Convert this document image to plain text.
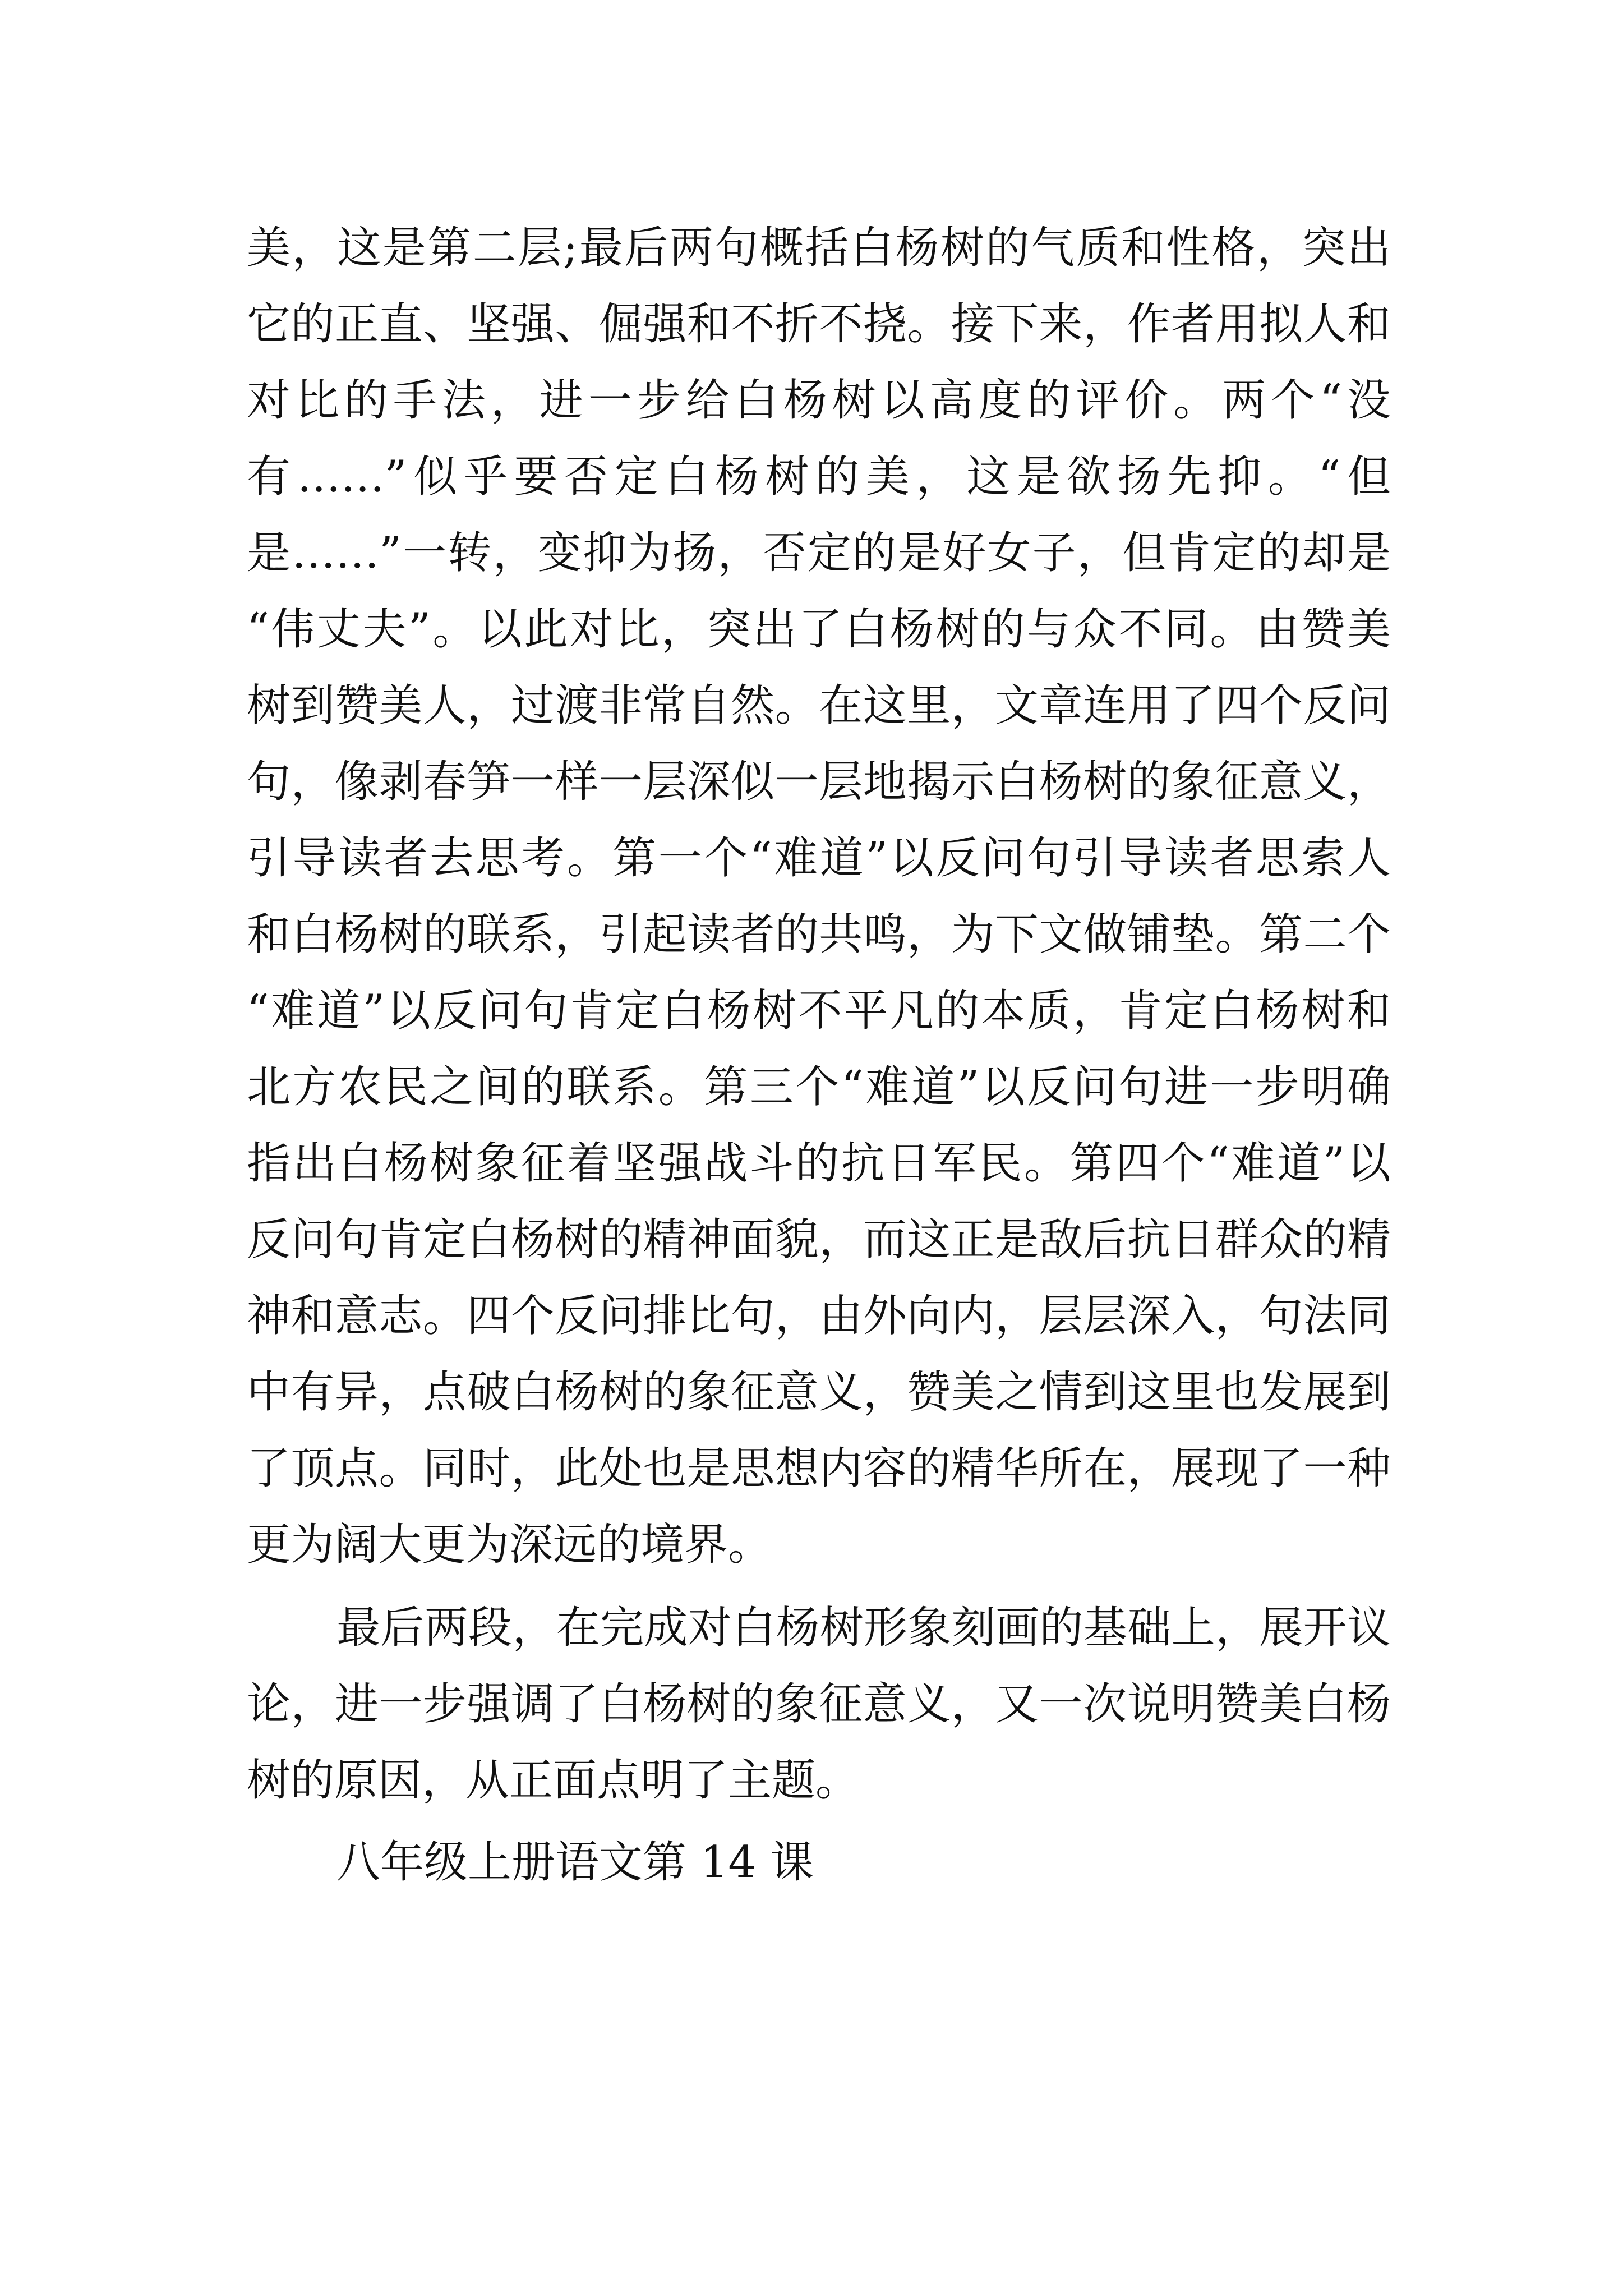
美，这是第二层;最后两句概括白杨树的气质和性格，突出
它的正直、坚强、倔强和不折不挠。接下来，作者用拟人和
对比的手法，进一步给白杨树以高度的评价。两个“没
有……”似乎要否定白杨树的美，这是欲扬先抑。“但
是……”一转，变抑为扬，否定的是好女子，但肯定的却是
“伟丈夫”。以此对比，突出了白杨树的与众不同。由赞美
树到赞美人，过渡非常自然。在这里，文章连用了四个反问
句，像剥春笋一样一层深似一层地揭示白杨树的象征意义，
引导读者去思考。第一个“难道”以反问句引导读者思索人
和白杨树的联系，引起读者的共鸣，为下文做铺垫。第二个
“难道”以反问句肯定白杨树不平凡的本质，肯定白杨树和
北方农民之间的联系。第三个“难道”以反问句进一步明确
指出白杨树象征着坚强战斗的抗日军民。第四个“难道”以
反问句肯定白杨树的精神面貌，而这正是敌后抗日群众的精
神和意志。四个反问排比句，由外向内，层层深入，句法同
中有异，点破白杨树的象征意义，赞美之情到这里也发展到
了顶点。同时，此处也是思想内容的精华所在，展现了一种
更为阔大更为深远的境界。
最后两段，在完成对白杨树形象刻画的基础上，展开议
论，进一步强调了白杨树的象征意义，又一次说明赞美白杨
树的原因，从正面点明了主题。
八年级上册语文第 14 课
